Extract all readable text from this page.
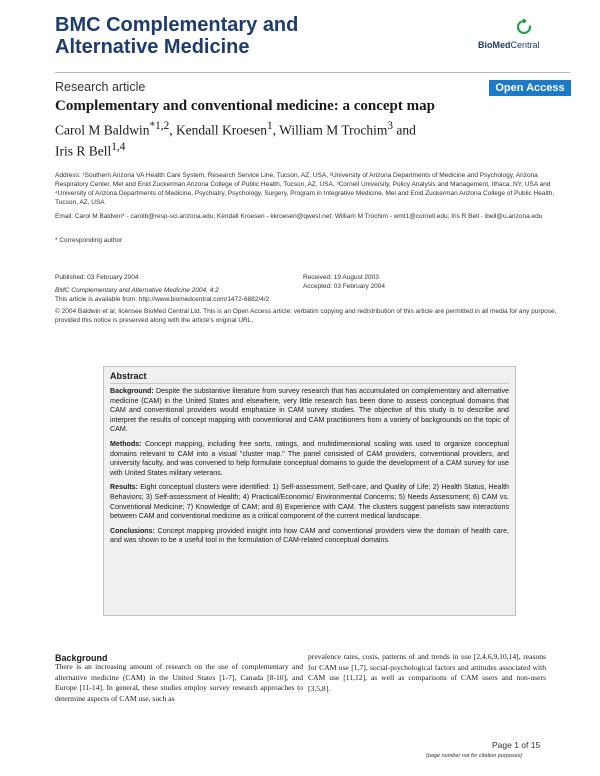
BMC Complementary and
Alternative Medicine	BioMedCentral
Research article	Open Access
Complementary and conventional medicine: a concept map
Carol M Baldwin$^{*1,2}$, Kendall Kroesen$^1$, William M Trochim$^3$ and
Iris R Bell$^{1,4}$
Address: ¹Southern Arizona VA Health Care System, Research Service Line, Tucson, AZ, USA, ²University of Arizona Departments of Medicine and Psychology, Arizona Respiratory Center, Mel and Enid Zuckerman Arizona College of Public Health, Tucson, AZ, USA, ³Cornell University, Policy Analysis and Management, Ithaca, NY, USA and ⁴University of Arizona Departments of Medicine, Psychiatry, Psychology, Surgery, Program in Integrative Medicine, Mel and Enid Zuckerman Arizona College of Public Health, Tucson, AZ, USA
Email: Carol M Baldwin* - carolb@resp-sci.arizona.edu; Kendall Kroesen - kkroesen@qwest.net; William M Trochim - wmt1@cornell.edu; Iris R Bell - ibell@u.arizona.edu
* Corresponding author
Published: 03 February 2004
BMC Complementary and Alternative Medicine 2004, 4:2
Received: 19 August 2003
Accepted: 03 February 2004
This article is available from: http://www.biomedcentral.com/1472-6882/4/2
© 2004 Baldwin et al; licensee BioMed Central Ltd. This is an Open Access article: verbatim copying and redistribution of this article are permitted in all media for any purpose, provided this notice is preserved along with the article's original URL.
Abstract

Background: Despite the substantive literature from survey research that has accumulated on complementary and alternative medicine (CAM) in the United States and elsewhere, very little research has been done to assess conceptual domains that CAM and conventional providers would emphasize in CAM survey studies. The objective of this study is to describe and interpret the results of concept mapping with conventional and CAM practitioners from a variety of backgrounds on the topic of CAM.

Methods: Concept mapping, including free sorts, ratings, and multidimensional scaling was used to organize conceptual domains relevant to CAM into a visual "cluster map." The panel consisted of CAM providers, conventional providers, and university faculty, and was convened to help formulate conceptual domains to guide the development of a CAM survey for use with United States military veterans.

Results: Eight conceptual clusters were identified: 1) Self-assessment, Self-care, and Quality of Life; 2) Health Status, Health Behaviors; 3) Self-assessment of Health; 4) Practical/Economic/ Environmental Concerns; 5) Needs Assessment; 6) CAM vs. Conventional Medicine; 7) Knowledge of CAM; and 8) Experience with CAM. The clusters suggest panelists saw interactions between CAM and conventional medicine as a critical component of the current medical landscape.

Conclusions: Concept mapping provided insight into how CAM and conventional providers view the domain of health care, and was shown to be a useful tool in the formulation of CAM-related conceptual domains.

Background
There is an increasing amount of research on the use of complementary and alternative medicine (CAM) in the United States [1-7], Canada [8-10], and Europe [11-14]. In general, these studies employ survey research approaches to determine aspects of CAM use, such as
prevalence rates, costs, patterns of and trends in use [2,4,6,9,10,14], reasons for CAM use [1,7], social-psychological factors and attitudes associated with CAM use [11,12], as well as comparisons of CAM users and non-users [3,5,8].
Page 1 of 15
(page number not for citation purposes)
